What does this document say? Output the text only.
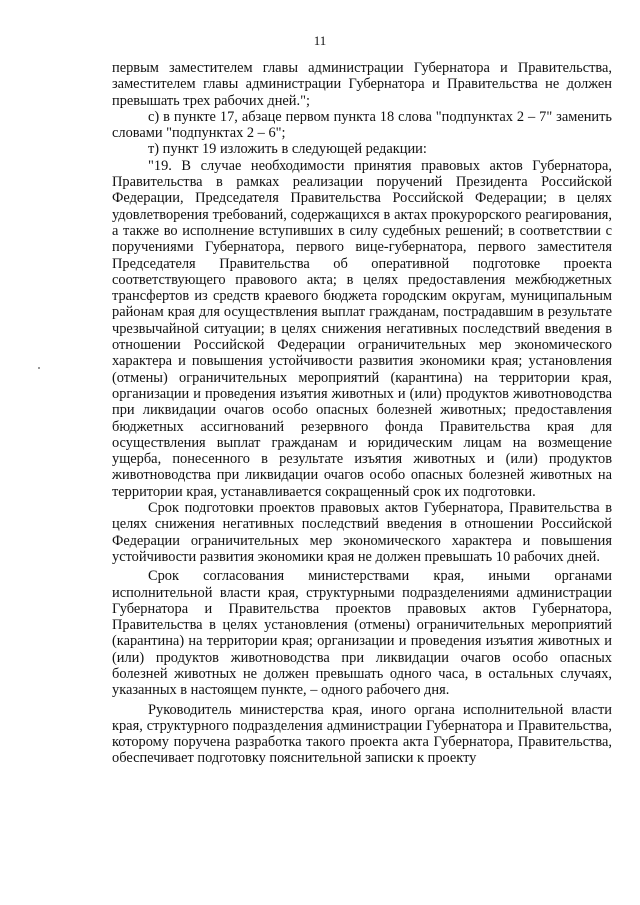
11

первым заместителем главы администрации Губернатора и Правительства, заместителем главы администрации Губернатора и Правительства не должен превышать трех рабочих дней.";

с) в пункте 17, абзаце первом пункта 18 слова "подпунктах 2 – 7" заменить словами "подпунктах 2 – 6";

т) пункт 19 изложить в следующей редакции:

"19. В случае необходимости принятия правовых актов Губернатора, Правительства в рамках реализации поручений Президента Российской Федерации, Председателя Правительства Российской Федерации; в целях удовлетворения требований, содержащихся в актах прокурорского реагирования, а также во исполнение вступивших в силу судебных решений; в соответствии с поручениями Губернатора, первого вице-губернатора, первого заместителя Председателя Правительства об оперативной подготовке проекта соответствующего правового акта; в целях предоставления межбюджетных трансфертов из средств краевого бюджета городским округам, муниципальным районам края для осуществления выплат гражданам, пострадавшим в результате чрезвычайной ситуации; в целях снижения негативных последствий введения в отношении Российской Федерации ограничительных мер экономического характера и повышения устойчивости развития экономики края; установления (отмены) ограничительных мероприятий (карантина) на территории края, организации и проведения изъятия животных и (или) продуктов животноводства при ликвидации очагов особо опасных болезней животных; предоставления бюджетных ассигнований резервного фонда Правительства края для осуществления выплат гражданам и юридическим лицам на возмещение ущерба, понесенного в результате изъятия животных и (или) продуктов животноводства при ликвидации очагов особо опасных болезней животных на территории края, устанавливается сокращенный срок их подготовки.

Срок подготовки проектов правовых актов Губернатора, Правительства в целях снижения негативных последствий введения в отношении Российской Федерации ограничительных мер экономического характера и повышения устойчивости развития экономики края не должен превышать 10 рабочих дней.

Срок согласования министерствами края, иными органами исполнительной власти края, структурными подразделениями администрации Губернатора и Правительства проектов правовых актов Губернатора, Правительства в целях установления (отмены) ограничительных мероприятий (карантина) на территории края; организации и проведения изъятия животных и (или) продуктов животноводства при ликвидации очагов особо опасных болезней животных не должен превышать одного часа, в остальных случаях, указанных в настоящем пункте, – одного рабочего дня.

Руководитель министерства края, иного органа исполнительной власти края, структурного подразделения администрации Губернатора и Правительства, которому поручена разработка такого проекта акта Губернатора, Правительства, обеспечивает подготовку пояснительной записки к проекту
